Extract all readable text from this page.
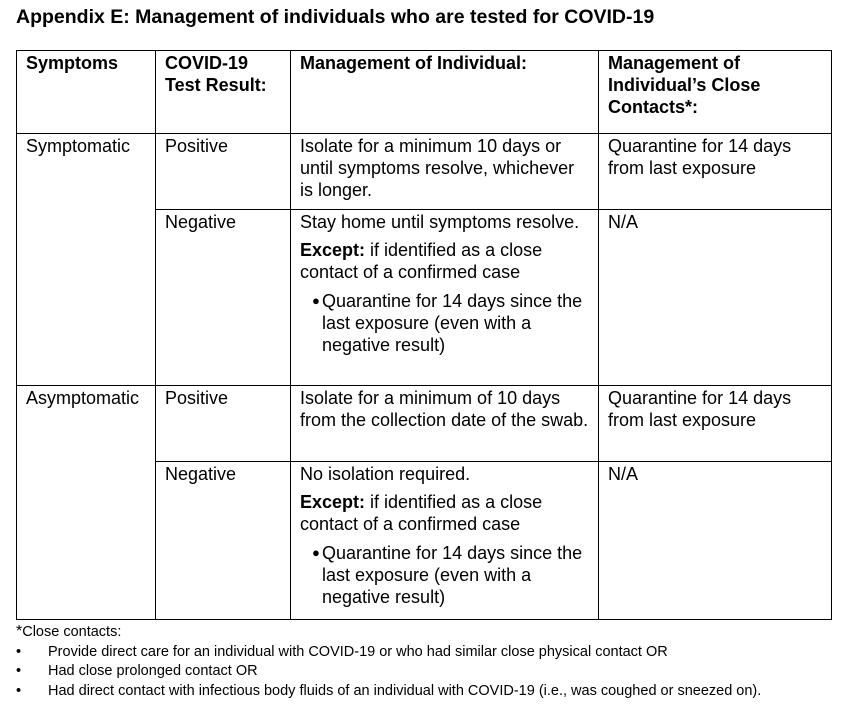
Appendix E: Management of individuals who are tested for COVID-19
Symptoms	COVID-19 Test Result:	Management of Individual:	Management of Individual’s Close Contacts*:
Symptomatic	Positive	Isolate for a minimum 10 days or until symptoms resolve, whichever is longer.	Quarantine for 14 days from last exposure
	Negative	Stay home until symptoms resolve.

Except: if identified as a close contact of a confirmed case

● Quarantine for 14 days since the last exposure (even with a negative result)	N/A
Asymptomatic	Positive	Isolate for a minimum of 10 days from the collection date of the swab.	Quarantine for 14 days from last exposure
	Negative	No isolation required.

Except: if identified as a close contact of a confirmed case

● Quarantine for 14 days since the last exposure (even with a negative result)	N/A
*Close contacts:
• Provide direct care for an individual with COVID-19 or who had similar close physical contact OR
• Had close prolonged contact OR
• Had direct contact with infectious body fluids of an individual with COVID-19 (i.e., was coughed or sneezed on).
